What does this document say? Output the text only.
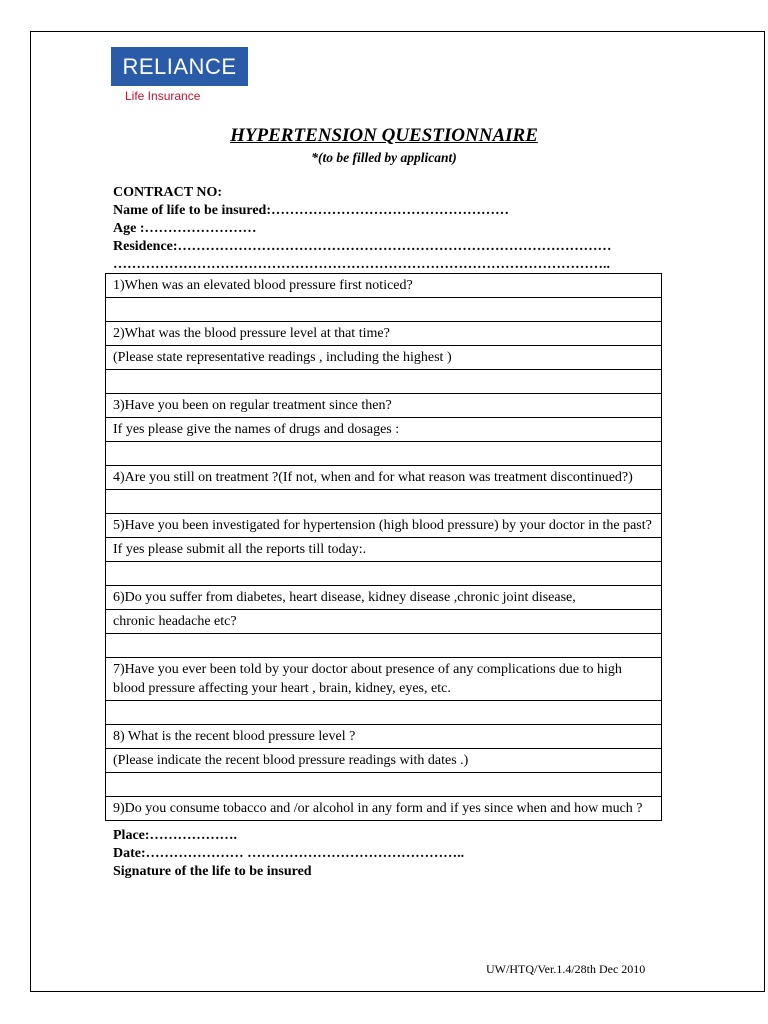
RELIANCE
Life Insurance
HYPERTENSION QUESTIONNAIRE
*(to be filled by applicant)
CONTRACT NO:
Name of life to be insured:……………………………………………
Age :……………………
Residence:…………………………………………………………………………………
……………………………………………………………………………………………..
1)When was an elevated blood pressure first noticed?

2)What was the blood pressure level at that time?
(Please state representative readings , including the highest )

3)Have you been on regular treatment since then?
If yes please give the names of drugs and dosages :

4)Are you still on treatment ?(If not, when and for what reason was treatment discontinued?)

5)Have you been investigated for hypertension (high blood pressure) by your doctor in the past?
If yes please submit all the reports till today:.

6)Do you suffer from diabetes, heart disease, kidney disease ,chronic joint disease,
chronic headache etc?

7)Have you ever been told by your doctor about presence of any complications due to high blood pressure affecting your heart , brain, kidney, eyes, etc.

8) What is the recent blood pressure level ?
(Please indicate the recent blood pressure readings with dates .)

9)Do you consume tobacco and /or alcohol in any form and if yes since when and how much ?
Place:……………….
Date:………………… ………………………………………..
Signature of the life to be insured
UW/HTQ/Ver.1.4/28th Dec 2010
